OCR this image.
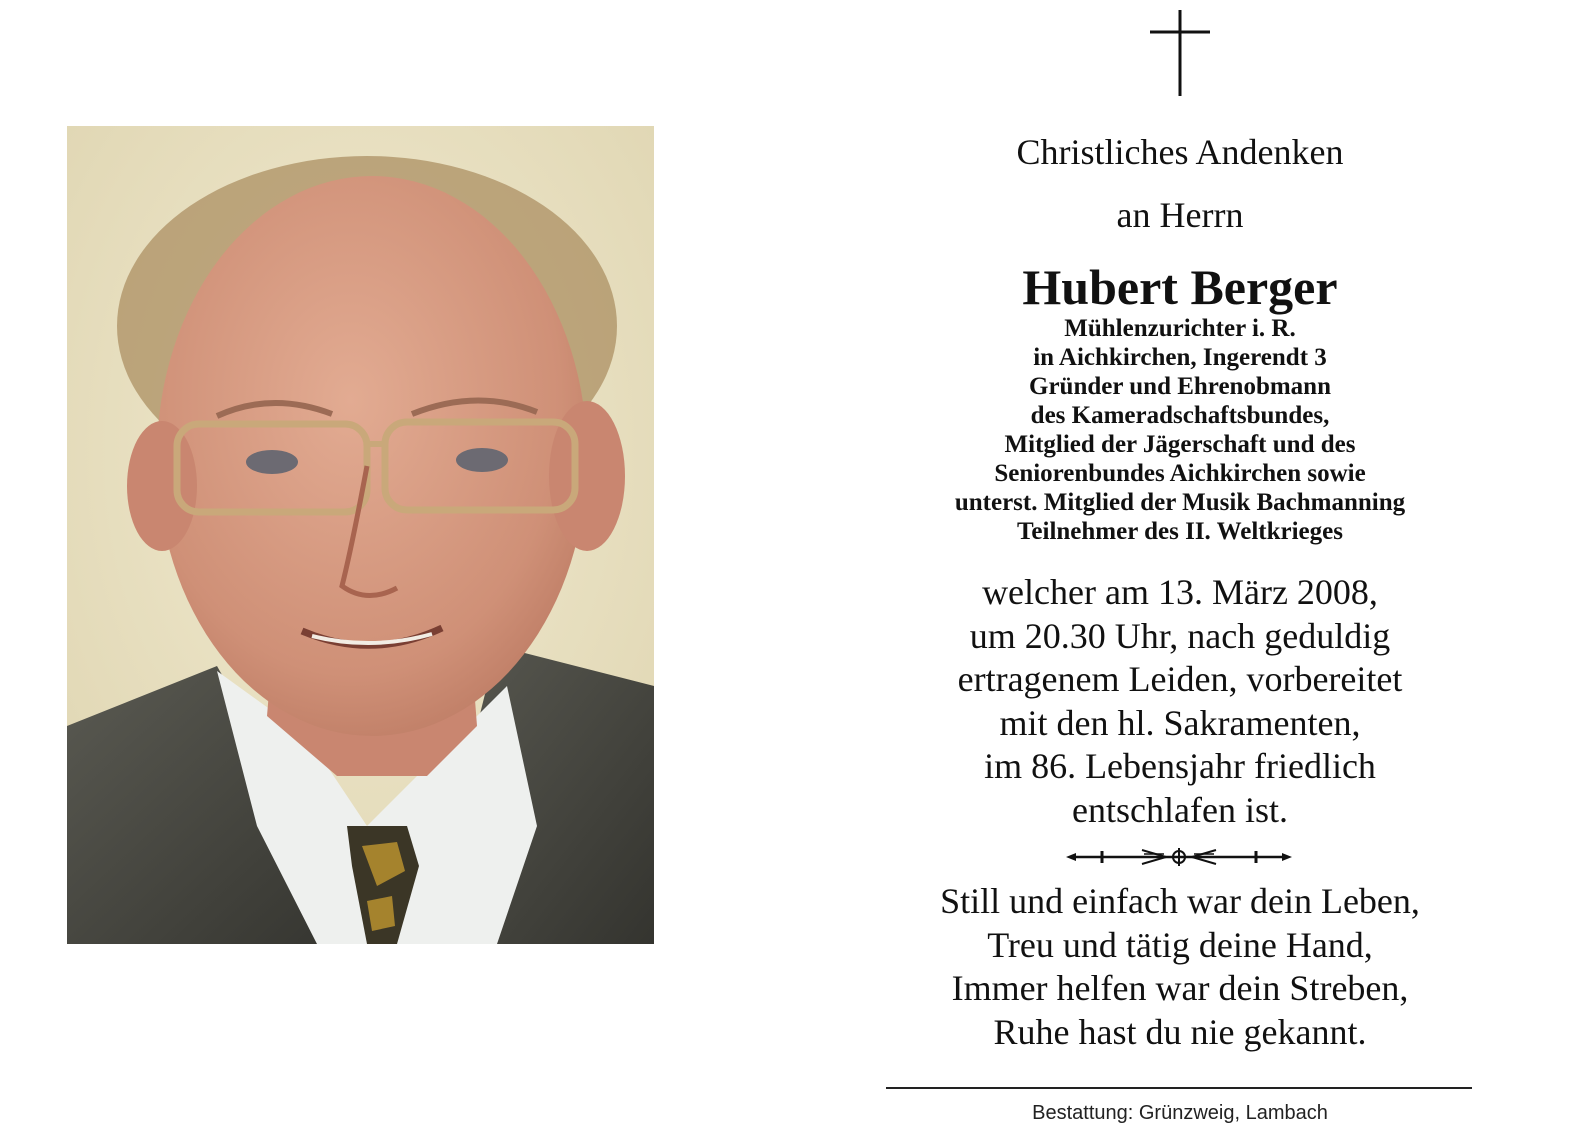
Christliches Andenken
an Herrn
Hubert Berger
Mühlenzurichter i. R.
in Aichkirchen, Ingerendt 3
Gründer und Ehrenobmann
des Kameradschaftsbundes,
Mitglied der Jägerschaft und des
Seniorenbundes Aichkirchen sowie
unterst. Mitglied der Musik Bachmanning
Teilnehmer des II. Weltkrieges
welcher am 13. März 2008,
um 20.30 Uhr, nach geduldig
ertragenem Leiden, vorbereitet
mit den hl. Sakramenten,
im 86. Lebensjahr friedlich
entschlafen ist.
Still und einfach war dein Leben,
Treu und tätig deine Hand,
Immer helfen war dein Streben,
Ruhe hast du nie gekannt.
Bestattung: Grünzweig, Lambach
